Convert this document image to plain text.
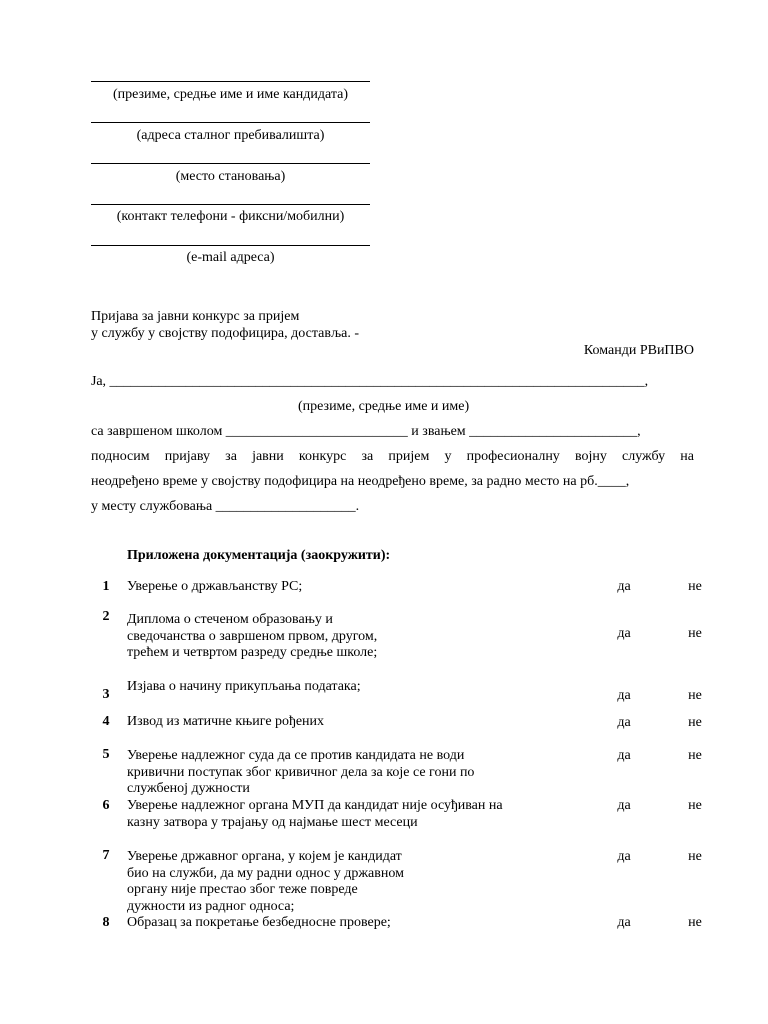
(презиме, средње име и име кандидата)
(адреса сталног пребивалишта)
(место становања)
(контакт телефони - фиксни/мобилни)
(e-mail адреса)
Пријава за јавни конкурс за пријем
у службу у својству подофицира, доставља. -
Команди РВиПВО
Ја, _____________________________________________________________________________,
(презиме, средње име и име)
са завршеном школом __________________________ и звањем ________________________,
подносим пријаву за јавни конкурс за пријем у професионалну војну службу на
неодређено време у својству подофицира на неодређено време, за радно место на рб.____,
у месту службовања ____________________.
Приложена документација (заокружити):
1	Уверење о држављанству РС;	да	не
2	Диплома о стеченом образовању и
сведочанства о завршеном првом, другом,
трећем и четвртом разреду средње школе;
да	не
3
Изјава о начину прикупљања података;
да	не
4	Извод из матичне књиге рођених	да	не
5	Уверење надлежног суда да се против кандидата не води
кривични поступак због кривичног дела за које се гони по
службеној дужности
да	не
6	Уверење надлежног органа МУП да кандидат није осуђиван на
казну затвора у трајању од најмање шест месеци
да	не
7	Уверење државног органа, у којем је кандидат
био на служби, да му радни однос у државном
органу није престао због теже повреде
дужности из радног односа;
да	не
8	Образац за покретање безбедносне провере;	да	не
